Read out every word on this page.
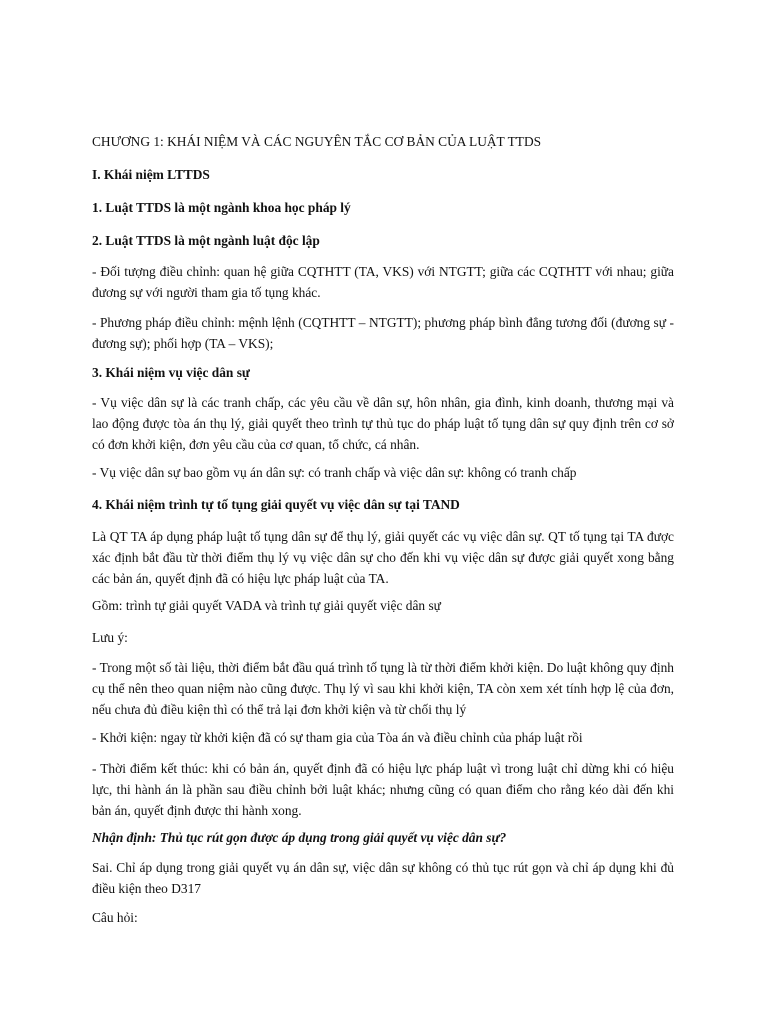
CHƯƠNG 1: KHÁI NIỆM VÀ CÁC NGUYÊN TẮC CƠ BẢN CỦA LUẬT TTDS

I. Khái niệm LTTDS

1. Luật TTDS là một ngành khoa học pháp lý

2. Luật TTDS là một ngành luật độc lập

- Đối tượng điều chỉnh: quan hệ giữa CQTHTT (TA, VKS) với NTGTT; giữa các CQTHTT với nhau; giữa đương sự với người tham gia tố tụng khác.

- Phương pháp điều chỉnh: mệnh lệnh (CQTHTT – NTGTT); phương pháp bình đẳng tương đối (đương sự - đương sự); phối hợp (TA – VKS);

3. Khái niệm vụ việc dân sự

- Vụ việc dân sự là các tranh chấp, các yêu cầu về dân sự, hôn nhân, gia đình, kinh doanh, thương mại và lao động được tòa án thụ lý, giải quyết theo trình tự thủ tục do pháp luật tố tụng dân sự quy định trên cơ sở có đơn khởi kiện, đơn yêu cầu của cơ quan, tổ chức, cá nhân.

- Vụ việc dân sự bao gồm vụ án dân sự: có tranh chấp và việc dân sự: không có tranh chấp

4. Khái niệm trình tự tố tụng giải quyết vụ việc dân sự tại TAND

Là QT TA áp dụng pháp luật tố tụng dân sự để thụ lý, giải quyết các vụ việc dân sự. QT tố tụng tại TA được xác định bắt đầu từ thời điểm thụ lý vụ việc dân sự cho đến khi vụ việc dân sự được giải quyết xong bằng các bản án, quyết định đã có hiệu lực pháp luật của TA.

Gồm: trình tự giải quyết VADA và trình tự giải quyết việc dân sự

Lưu ý:

- Trong một số tài liệu, thời điểm bắt đầu quá trình tố tụng là từ thời điểm khởi kiện. Do luật không quy định cụ thể nên theo quan niệm nào cũng được. Thụ lý vì sau khi khởi kiện, TA còn xem xét tính hợp lệ của đơn, nếu chưa đủ điều kiện thì có thể trả lại đơn khởi kiện và từ chối thụ lý

- Khởi kiện: ngay từ khởi kiện đã có sự tham gia của Tòa án và điều chỉnh của pháp luật rồi

- Thời điểm kết thúc: khi có bản án, quyết định đã có hiệu lực pháp luật vì trong luật chỉ dừng khi có hiệu lực, thi hành án là phần sau điều chỉnh bởi luật khác; nhưng cũng có quan điểm cho rằng kéo dài đến khi bản án, quyết định được thi hành xong.

Nhận định: Thủ tục rút gọn được áp dụng trong giải quyết vụ việc dân sự?

Sai. Chỉ áp dụng trong giải quyết vụ án dân sự, việc dân sự không có thủ tục rút gọn và chỉ áp dụng khi đủ điều kiện theo D317

Câu hỏi:
